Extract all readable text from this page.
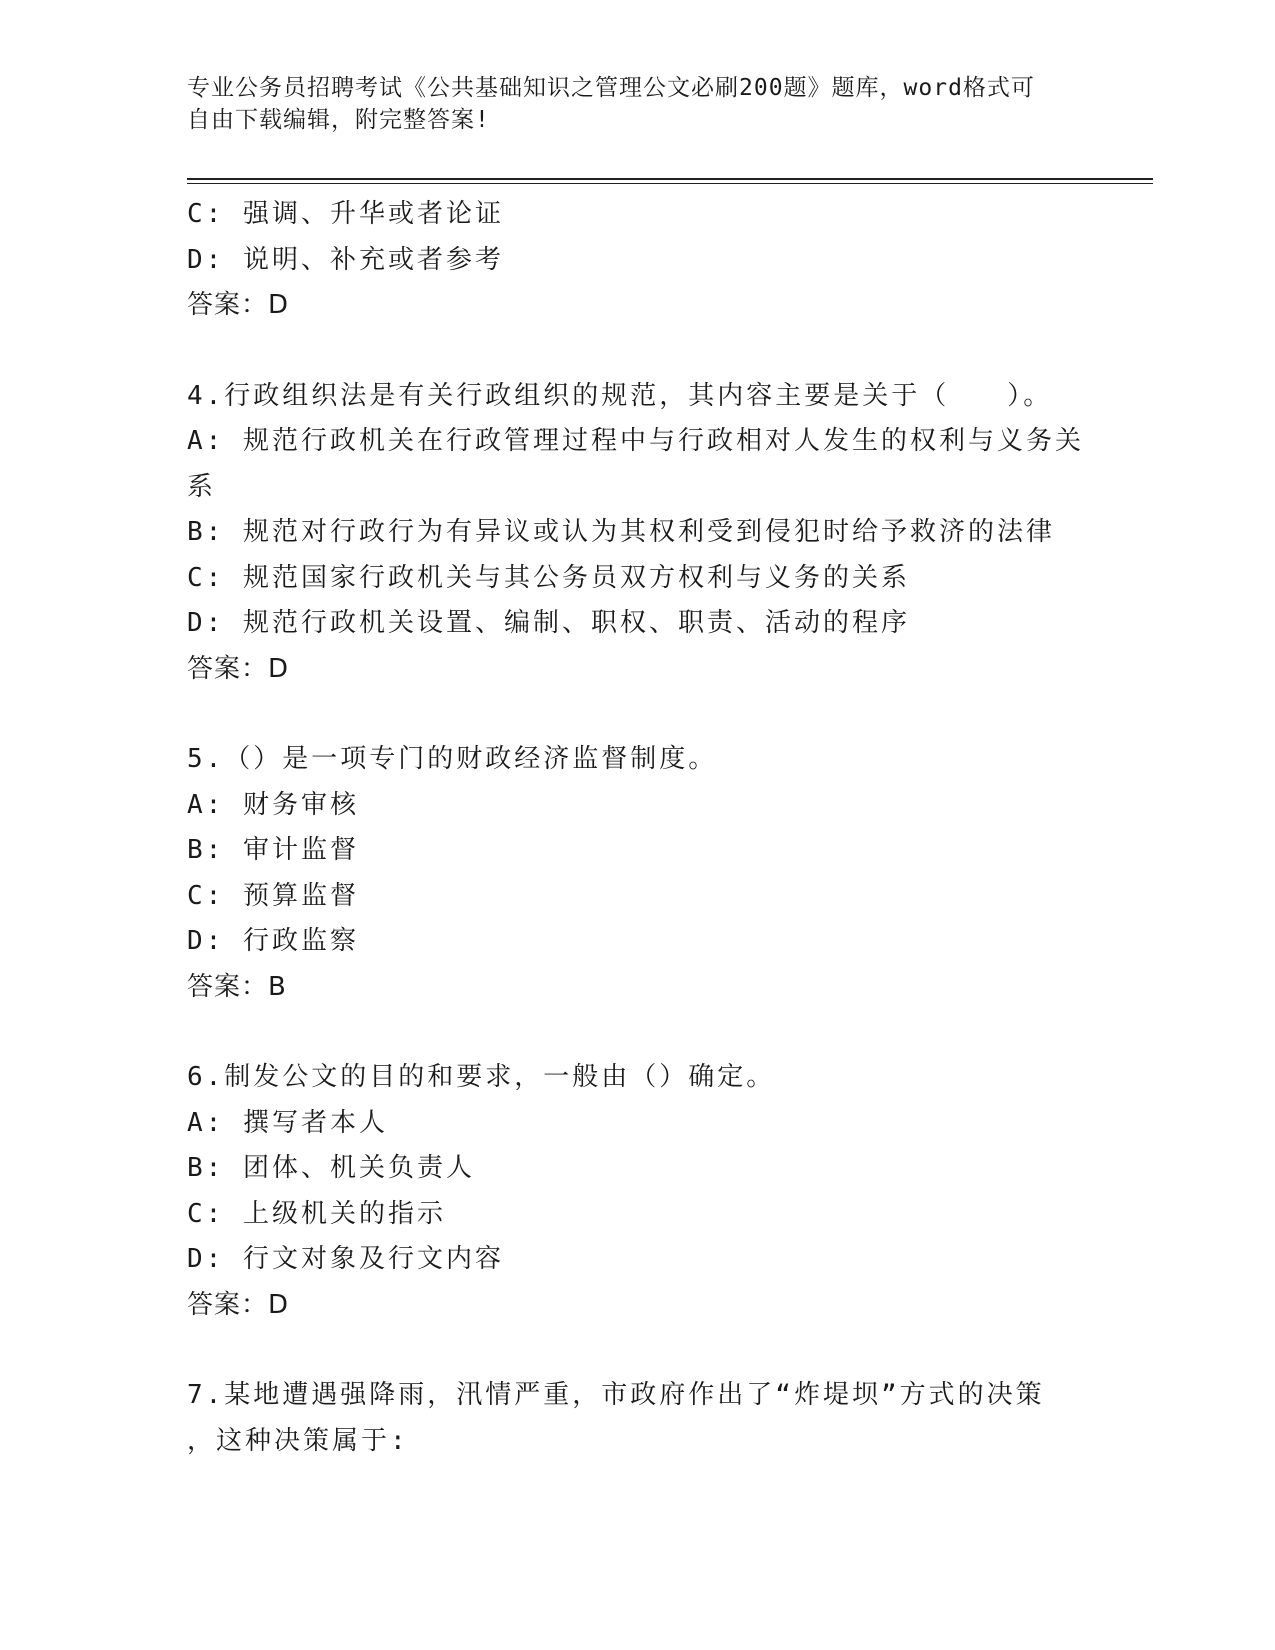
专业公务员招聘考试《公共基础知识之管理公文必刷200题》题库，word格式可
自由下载编辑，附完整答案!
C: 强调、升华或者论证
D: 说明、补充或者参考
答案：D
4.行政组织法是有关行政组织的规范，其内容主要是关于（　　）。
A: 规范行政机关在行政管理过程中与行政相对人发生的权利与义务关
系
B: 规范对行政行为有异议或认为其权利受到侵犯时给予救济的法律
C: 规范国家行政机关与其公务员双方权利与义务的关系
D: 规范行政机关设置、编制、职权、职责、活动的程序
答案：D
5.（）是一项专门的财政经济监督制度。
A: 财务审核
B: 审计监督
C: 预算监督
D: 行政监察
答案：B
6.制发公文的目的和要求，一般由（）确定。
A: 撰写者本人
B: 团体、机关负责人
C: 上级机关的指示
D: 行文对象及行文内容
答案：D
7.某地遭遇强降雨，汛情严重，市政府作出了“炸堤坝”方式的决策
，这种决策属于:
